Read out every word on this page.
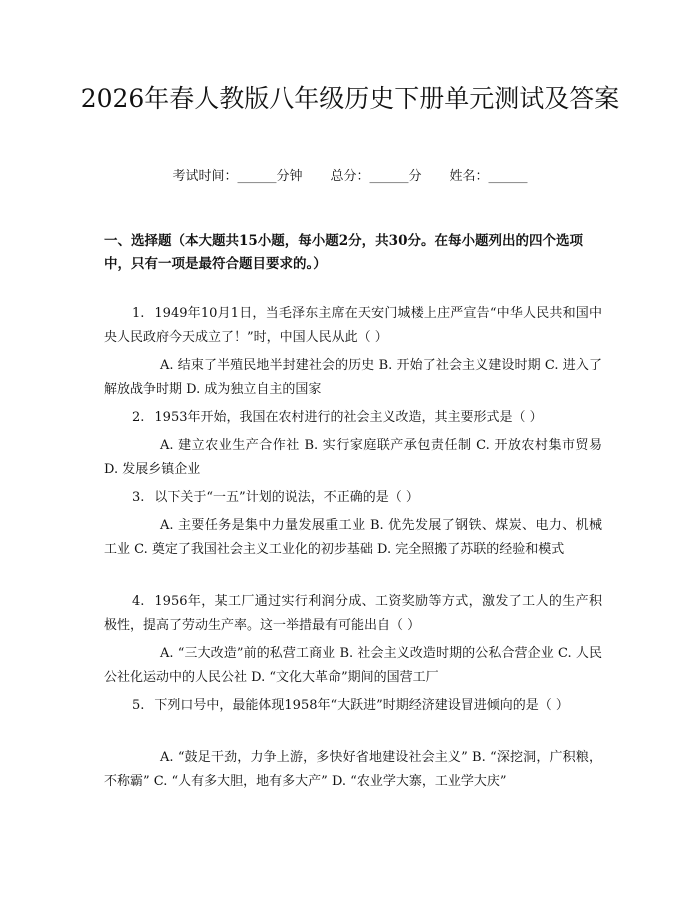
2026年春人教版八年级历史下册单元测试及答案
考试时间：______分钟 总分：______分 姓名：______
一、选择题（本大题共15小题，每小题2分，共30分。在每小题列出的四个选项中，只有一项是最符合题目要求的。）
1. 1949年10月1日，当毛泽东主席在天安门城楼上庄严宣告“中华人民共和国中央人民政府今天成立了！”时，中国人民从此（ ）
A. 结束了半殖民地半封建社会的历史 B. 开始了社会主义建设时期 C. 进入了解放战争时期 D. 成为独立自主的国家
2. 1953年开始，我国在农村进行的社会主义改造，其主要形式是（ ）
A. 建立农业生产合作社 B. 实行家庭联产承包责任制 C. 开放农村集市贸易 D. 发展乡镇企业
3. 以下关于“一五”计划的说法，不正确的是（ ）
A. 主要任务是集中力量发展重工业 B. 优先发展了钢铁、煤炭、电力、机械工业 C. 奠定了我国社会主义工业化的初步基础 D. 完全照搬了苏联的经验和模式
4. 1956年，某工厂通过实行利润分成、工资奖励等方式，激发了工人的生产积极性，提高了劳动生产率。这一举措最有可能出自（ ）
A. “三大改造”前的私营工商业 B. 社会主义改造时期的公私合营企业 C. 人民公社化运动中的人民公社 D. “文化大革命”期间的国营工厂
5. 下列口号中，最能体现1958年“大跃进”时期经济建设冒进倾向的是（ ）
A. “鼓足干劲，力争上游，多快好省地建设社会主义” B. “深挖洞，广积粮，不称霸” C. “人有多大胆，地有多大产” D. “农业学大寨，工业学大庆”
